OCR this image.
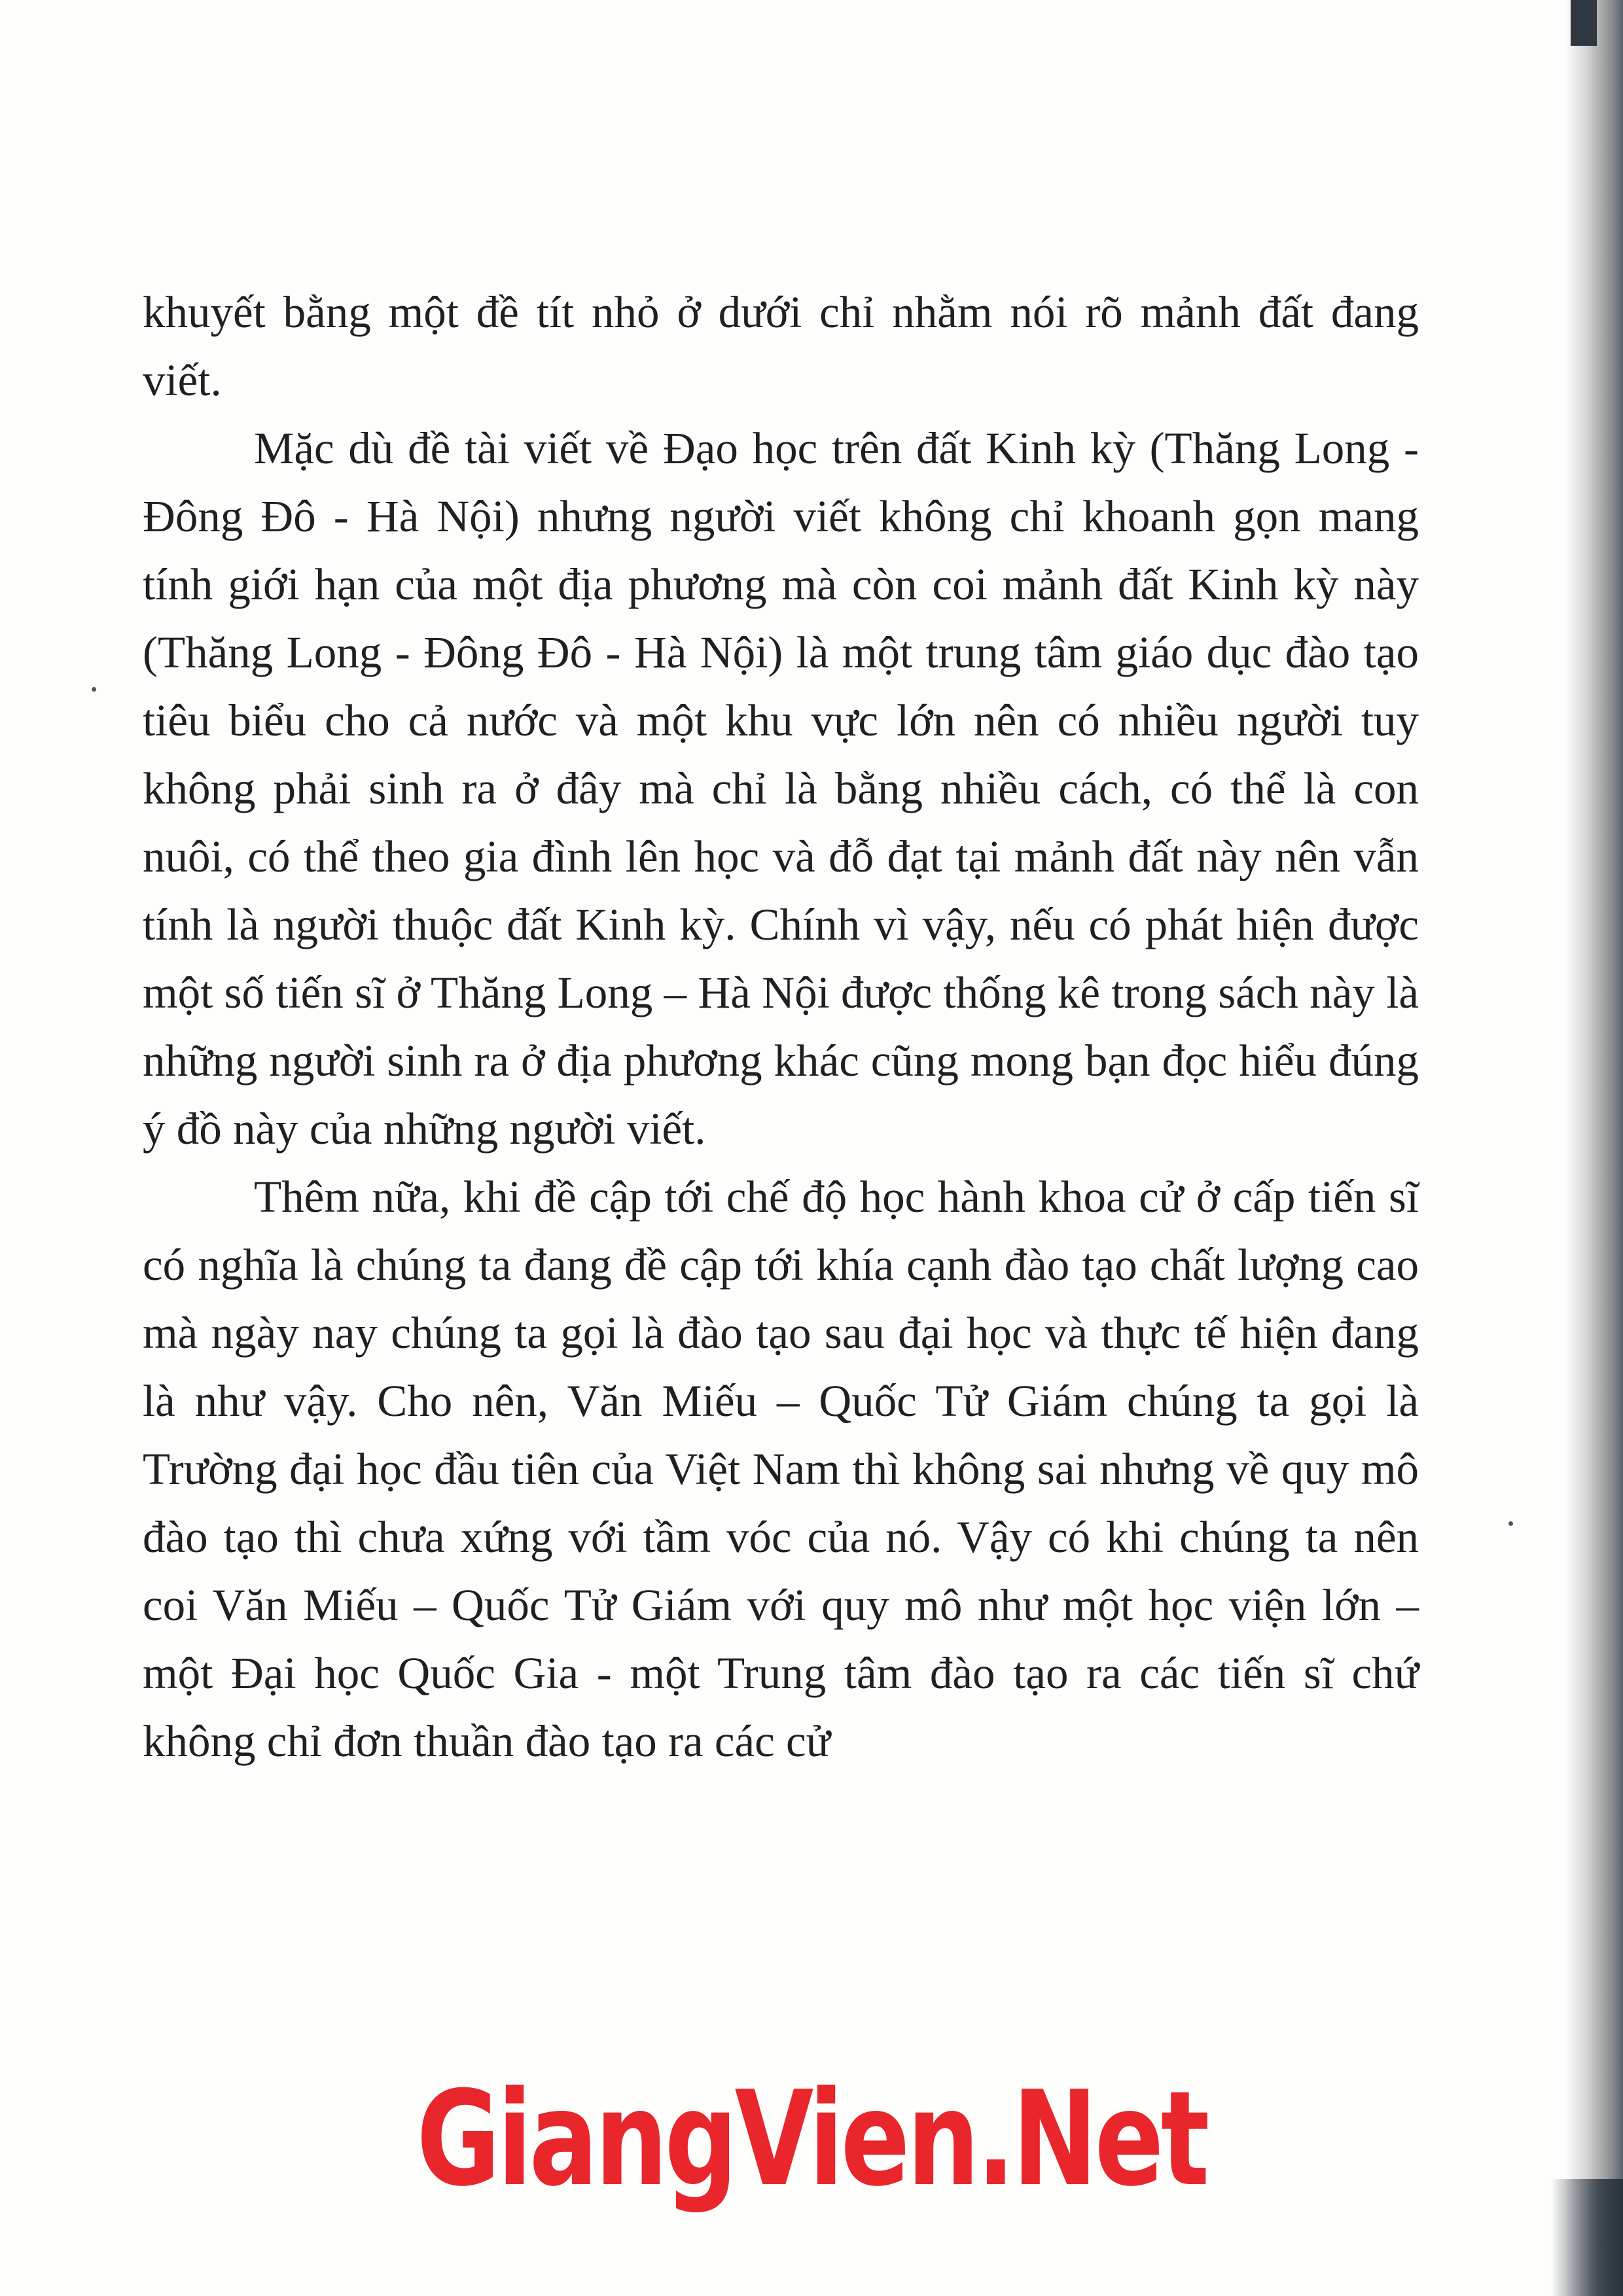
khuyết bằng một đề tít nhỏ ở dưới chỉ nhằm nói rõ mảnh đất đang viết.

Mặc dù đề tài viết về Đạo học trên đất Kinh kỳ (Thăng Long - Đông Đô - Hà Nội) nhưng người viết không chỉ khoanh gọn mang tính giới hạn của một địa phương mà còn coi mảnh đất Kinh kỳ này (Thăng Long - Đông Đô - Hà Nội) là một trung tâm giáo dục đào tạo tiêu biểu cho cả nước và một khu vực lớn nên có nhiều người tuy không phải sinh ra ở đây mà chỉ là bằng nhiều cách, có thể là con nuôi, có thể theo gia đình lên học và đỗ đạt tại mảnh đất này nên vẫn tính là người thuộc đất Kinh kỳ. Chính vì vậy, nếu có phát hiện được một số tiến sĩ ở Thăng Long – Hà Nội được thống kê trong sách này là những người sinh ra ở địa phương khác cũng mong bạn đọc hiểu đúng ý đồ này của những người viết.

Thêm nữa, khi đề cập tới chế độ học hành khoa cử ở cấp tiến sĩ có nghĩa là chúng ta đang đề cập tới khía cạnh đào tạo chất lượng cao mà ngày nay chúng ta gọi là đào tạo sau đại học và thực tế hiện đang là như vậy. Cho nên, Văn Miếu – Quốc Tử Giám chúng ta gọi là Trường đại học đầu tiên của Việt Nam thì không sai nhưng về quy mô đào tạo thì chưa xứng với tầm vóc của nó. Vậy có khi chúng ta nên coi Văn Miếu – Quốc Tử Giám với quy mô như một học viện lớn – một Đại học Quốc Gia - một Trung tâm đào tạo ra các tiến sĩ chứ không chỉ đơn thuần đào tạo ra các cử

GiangVien.Net
